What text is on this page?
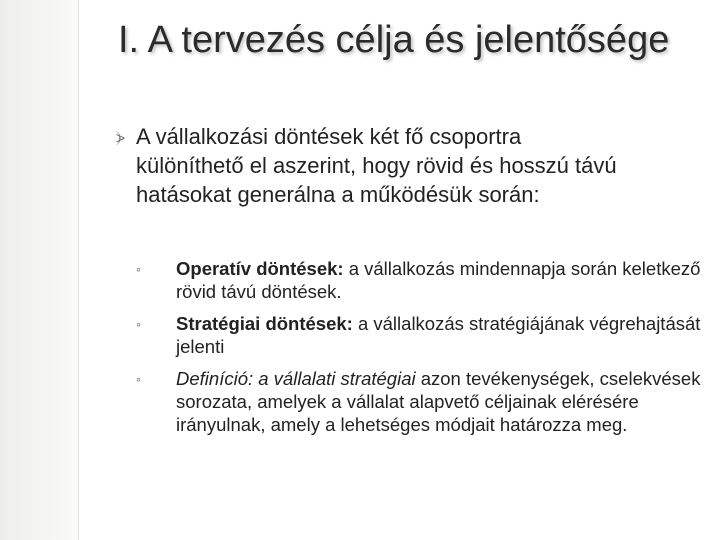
I. A tervezés célja és jelentősége
⦔ A vállalkozási döntések két fő csoportra
különíthető el aszerint, hogy rövid és hosszú távú hatásokat generálna a működésük során:
◦ Operatív döntések: a vállalkozás mindennapja során keletkező rövid távú döntések.
◦ Stratégiai döntések: a vállalkozás stratégiájának végrehajtását jelenti
◦ Definíció: a vállalati stratégiai azon tevékenységek, cselekvések sorozata, amelyek a vállalat alapvető céljainak elérésére irányulnak, amely a lehetséges módjait határozza meg.
